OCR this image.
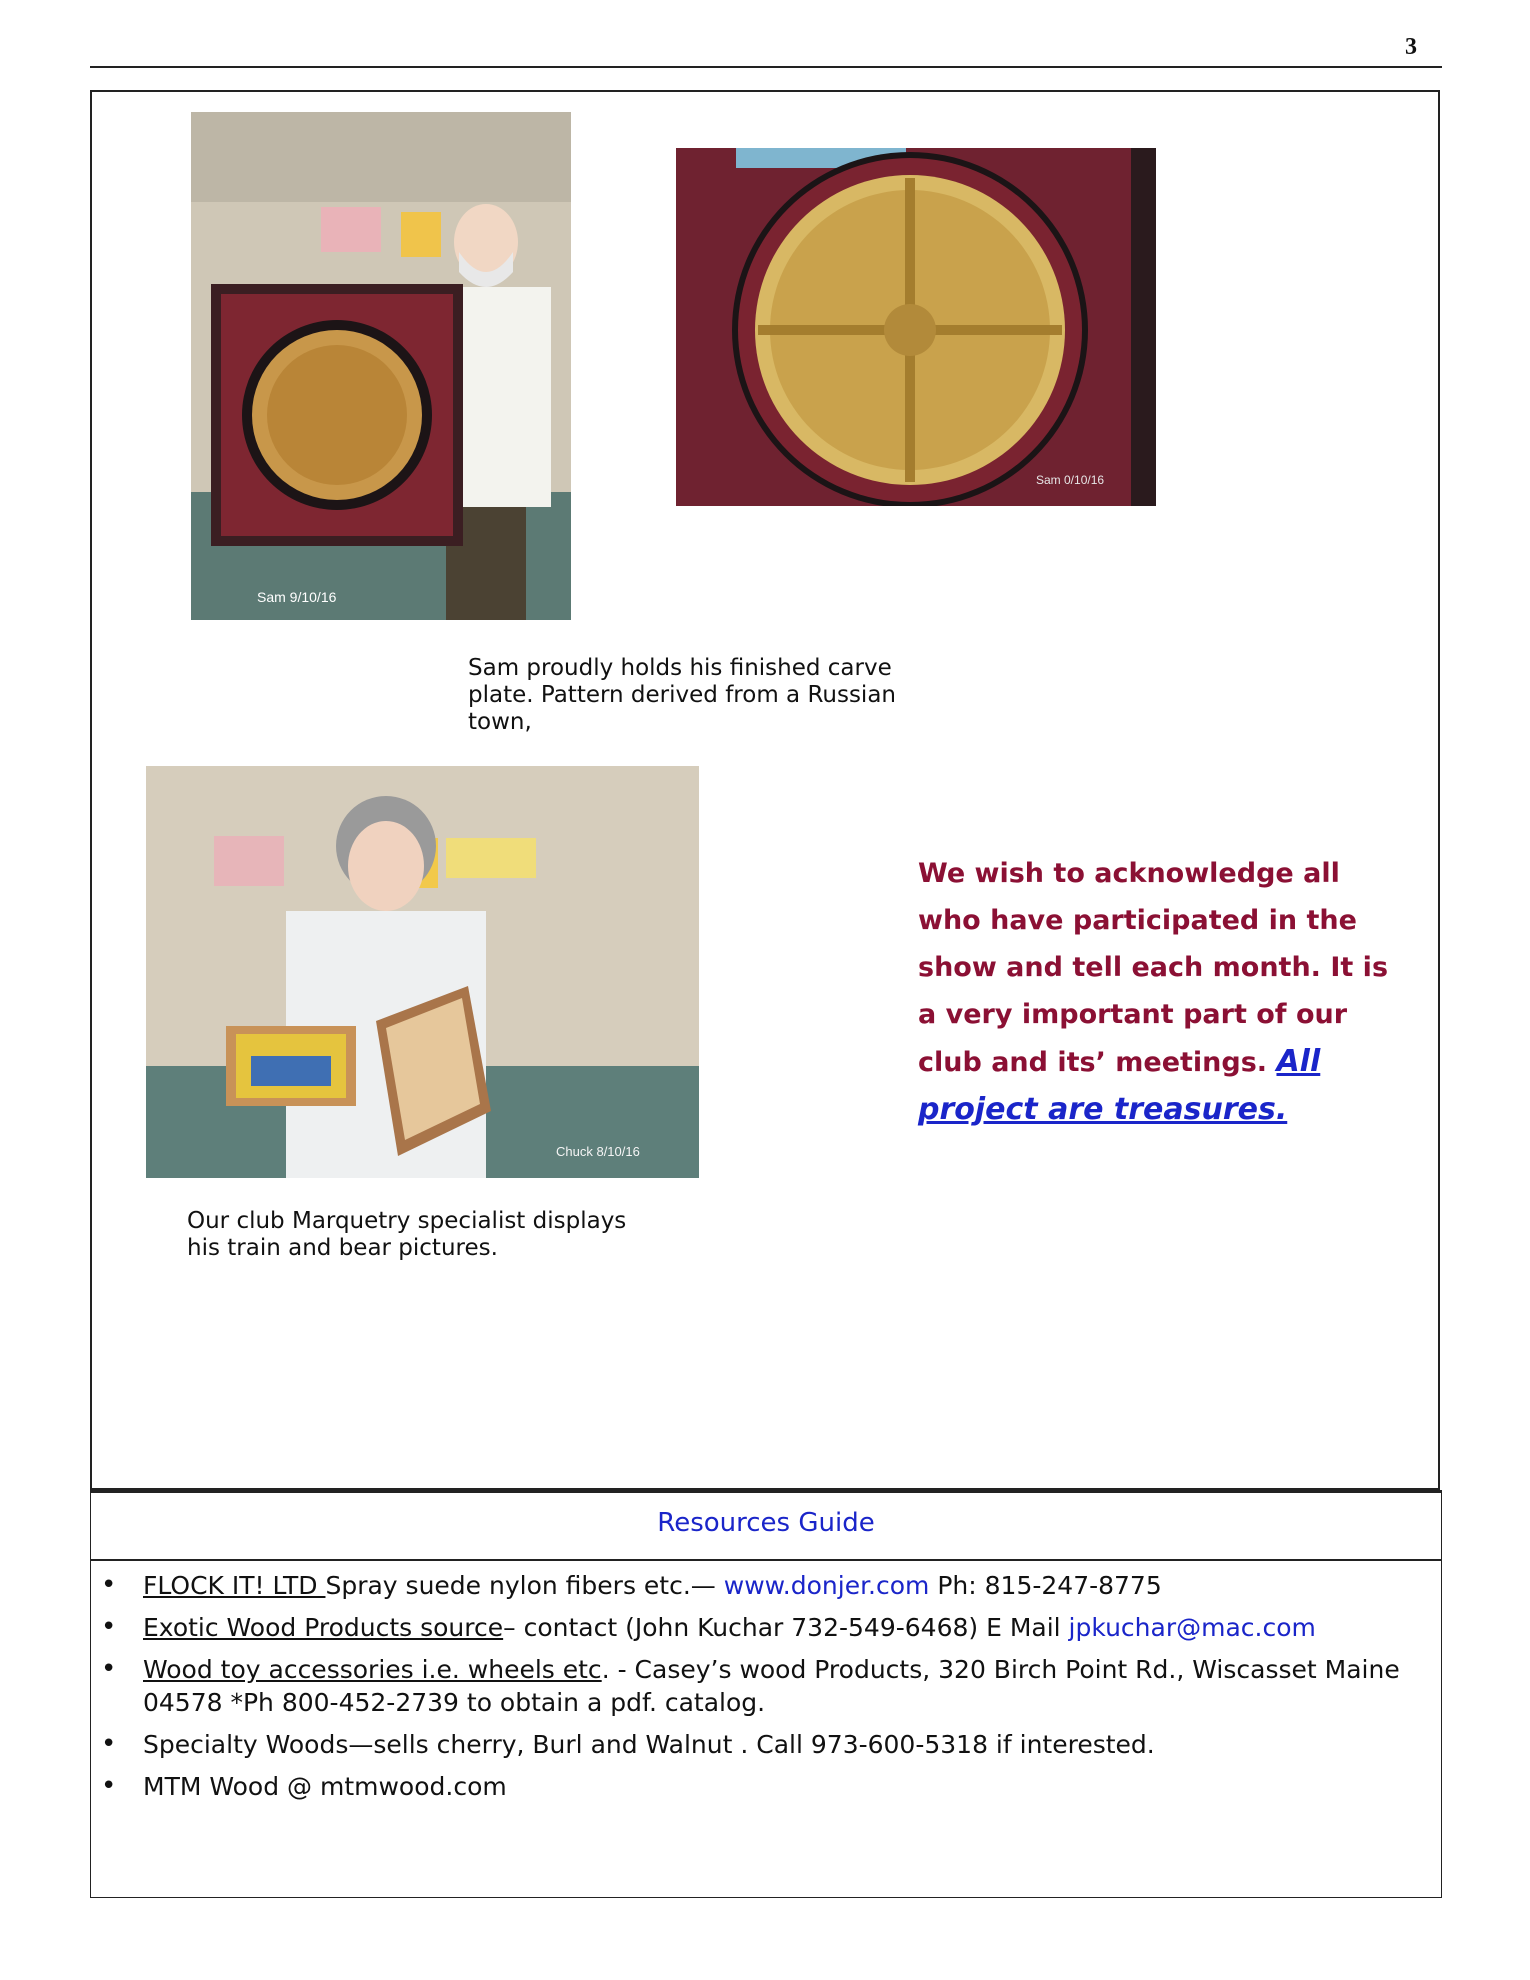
3
Sam 9/10/16
Sam 0/10/16
Sam proudly holds his finished carve plate. Pattern derived from a Russian town,
Chuck 8/10/16
Our club Marquetry specialist displays his train and bear pictures.
We wish to acknowledge all who have participated in the show and tell each month. It is a very important part of our club and its’ meetings. All project are treasures.
Resources Guide
• FLOCK IT! LTD Spray suede nylon fibers etc.— www.donjer.com Ph: 815-247-8775
• Exotic Wood Products source– contact (John Kuchar 732-549-6468) E Mail jpkuchar@mac.com
• Wood toy accessories i.e. wheels etc. - Casey’s wood Products, 320 Birch Point Rd., Wiscasset Maine 04578 *Ph 800-452-2739 to obtain a pdf. catalog.
• Specialty Woods—sells cherry, Burl and Walnut . Call 973-600-5318 if interested.
• MTM Wood @ mtmwood.com
